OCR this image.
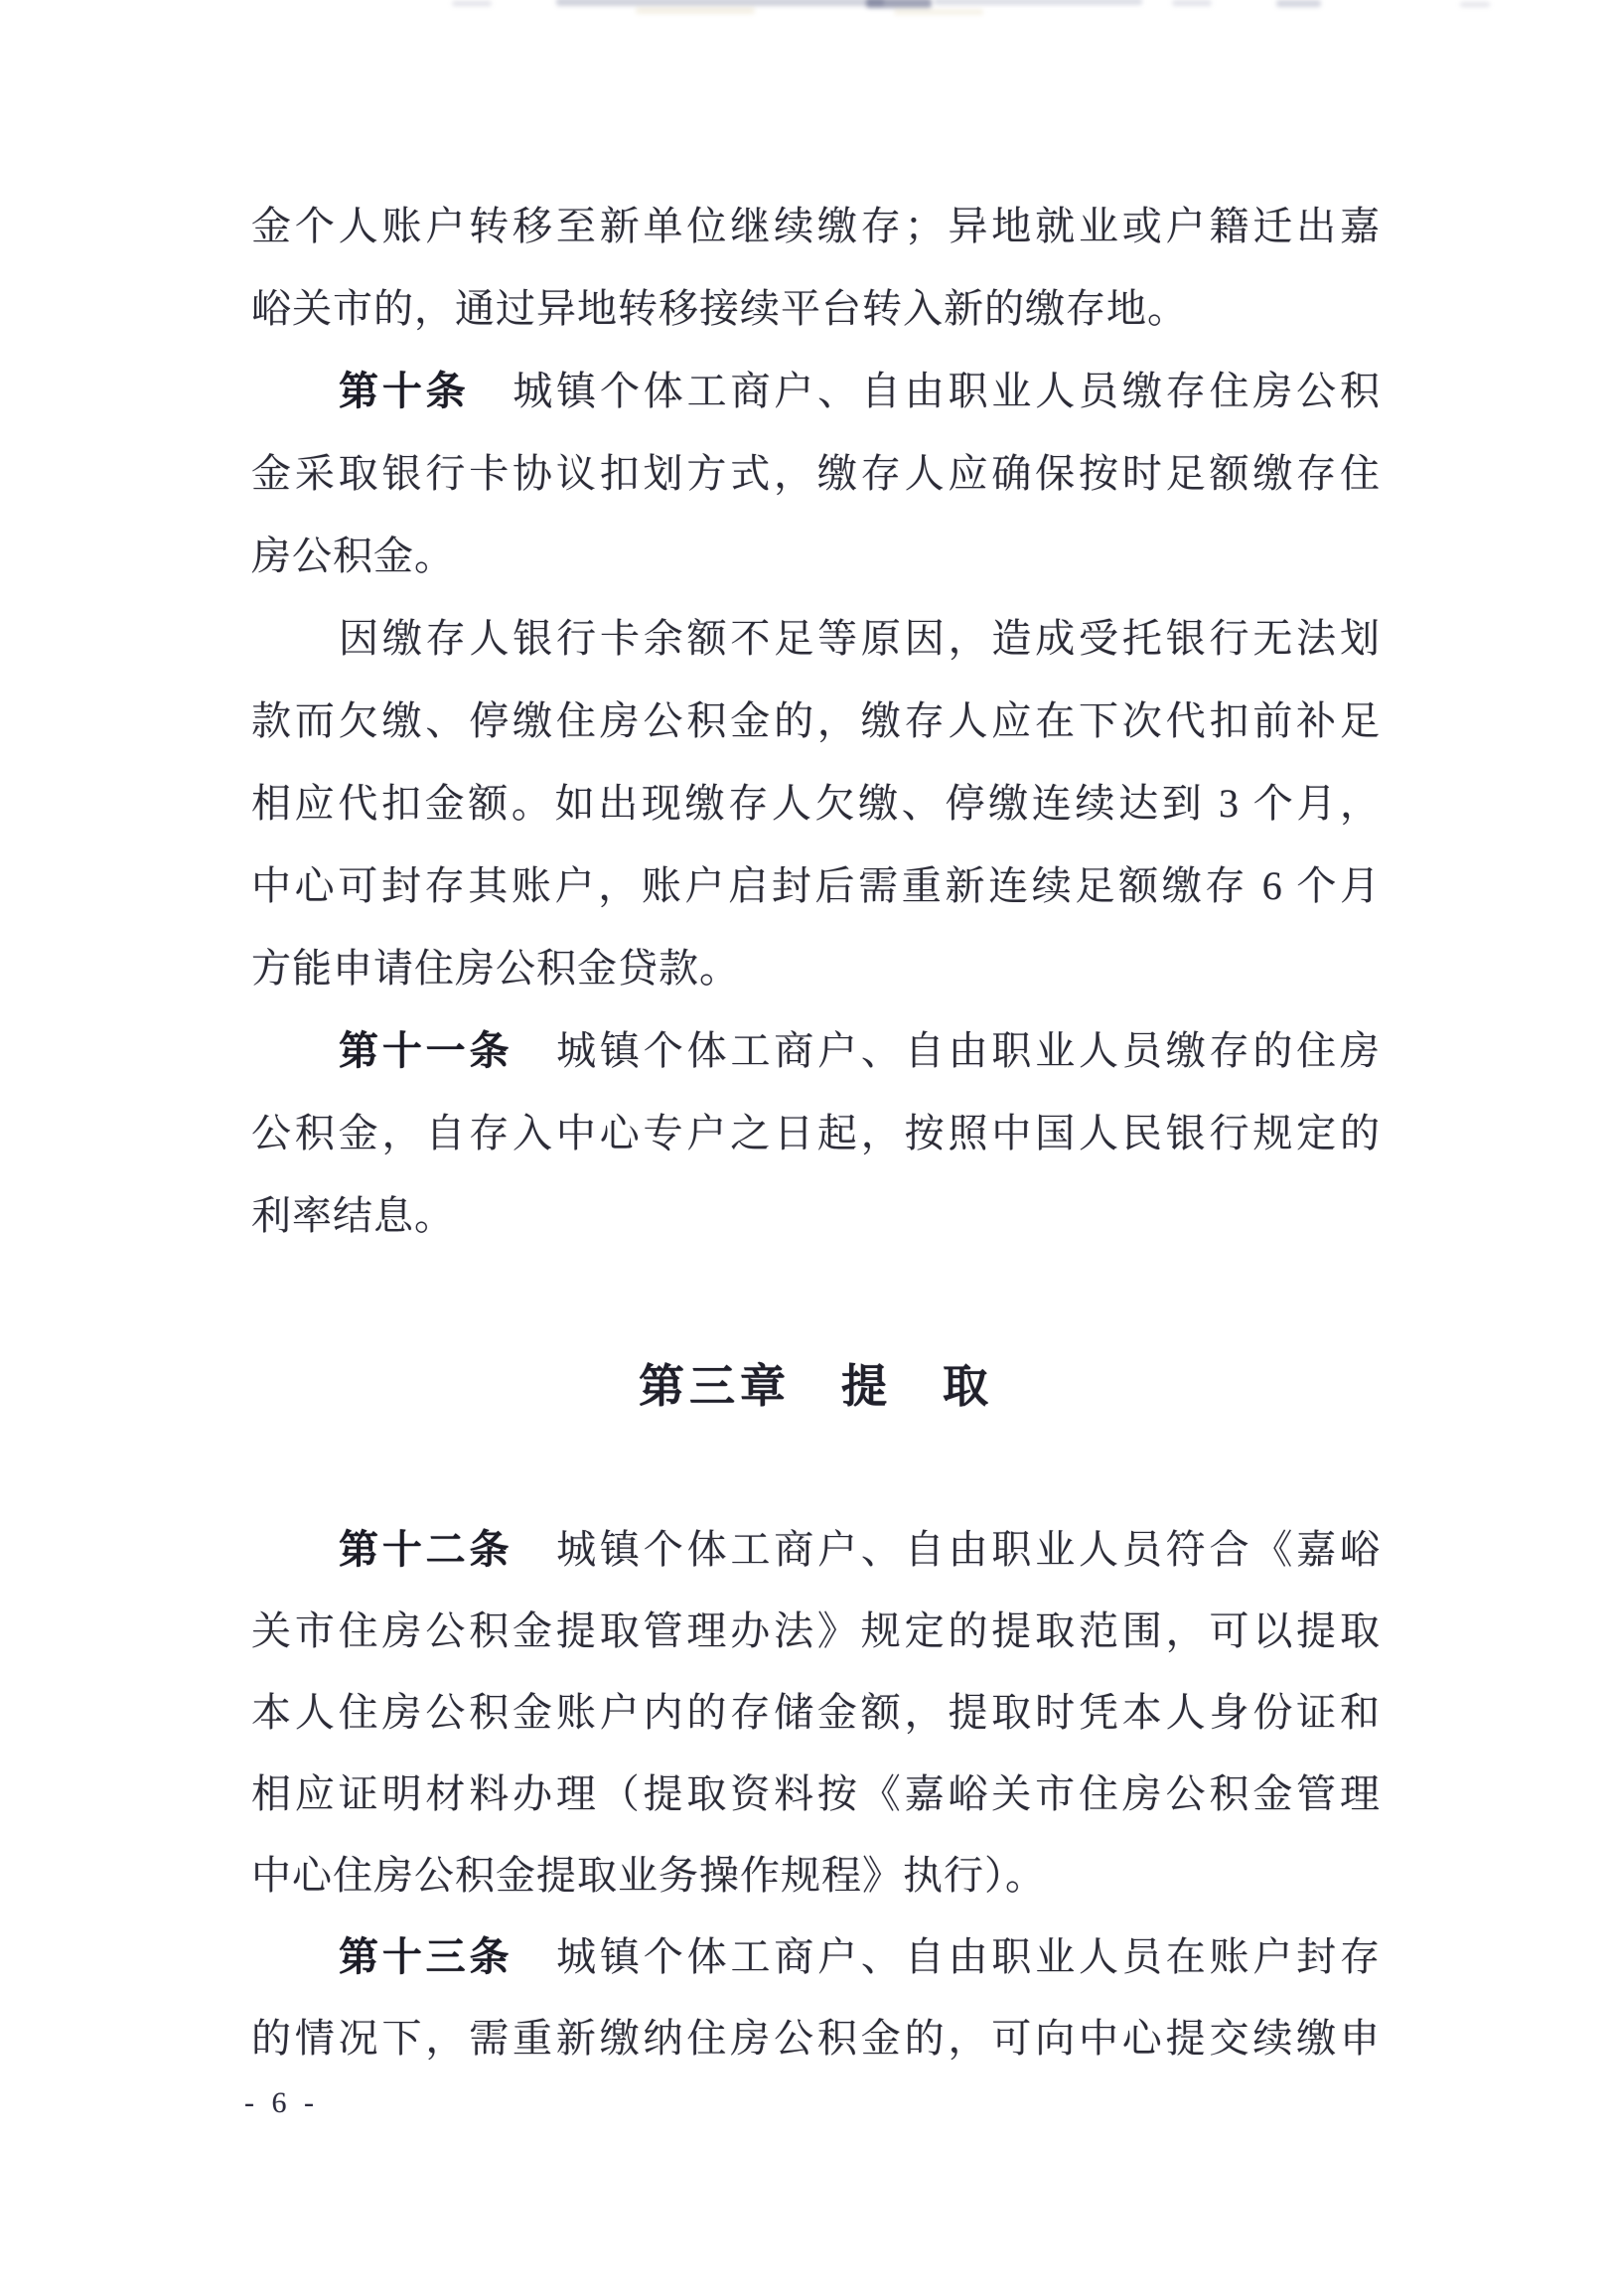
金个人账户转移至新单位继续缴存；异地就业或户籍迁出嘉
峪关市的，通过异地转移接续平台转入新的缴存地。
第十条　城镇个体工商户、自由职业人员缴存住房公积
金采取银行卡协议扣划方式，缴存人应确保按时足额缴存住
房公积金。
因缴存人银行卡余额不足等原因，造成受托银行无法划
款而欠缴、停缴住房公积金的，缴存人应在下次代扣前补足
相应代扣金额。如出现缴存人欠缴、停缴连续达到 3 个月，
中心可封存其账户，账户启封后需重新连续足额缴存 6 个月
方能申请住房公积金贷款。
第十一条　城镇个体工商户、自由职业人员缴存的住房
公积金，自存入中心专户之日起，按照中国人民银行规定的
利率结息。
第三章　提　取
第十二条　城镇个体工商户、自由职业人员符合《嘉峪
关市住房公积金提取管理办法》规定的提取范围，可以提取
本人住房公积金账户内的存储金额，提取时凭本人身份证和
相应证明材料办理（提取资料按《嘉峪关市住房公积金管理
中心住房公积金提取业务操作规程》执行）。
第十三条　城镇个体工商户、自由职业人员在账户封存
的情况下，需重新缴纳住房公积金的，可向中心提交续缴申
- 6 -
